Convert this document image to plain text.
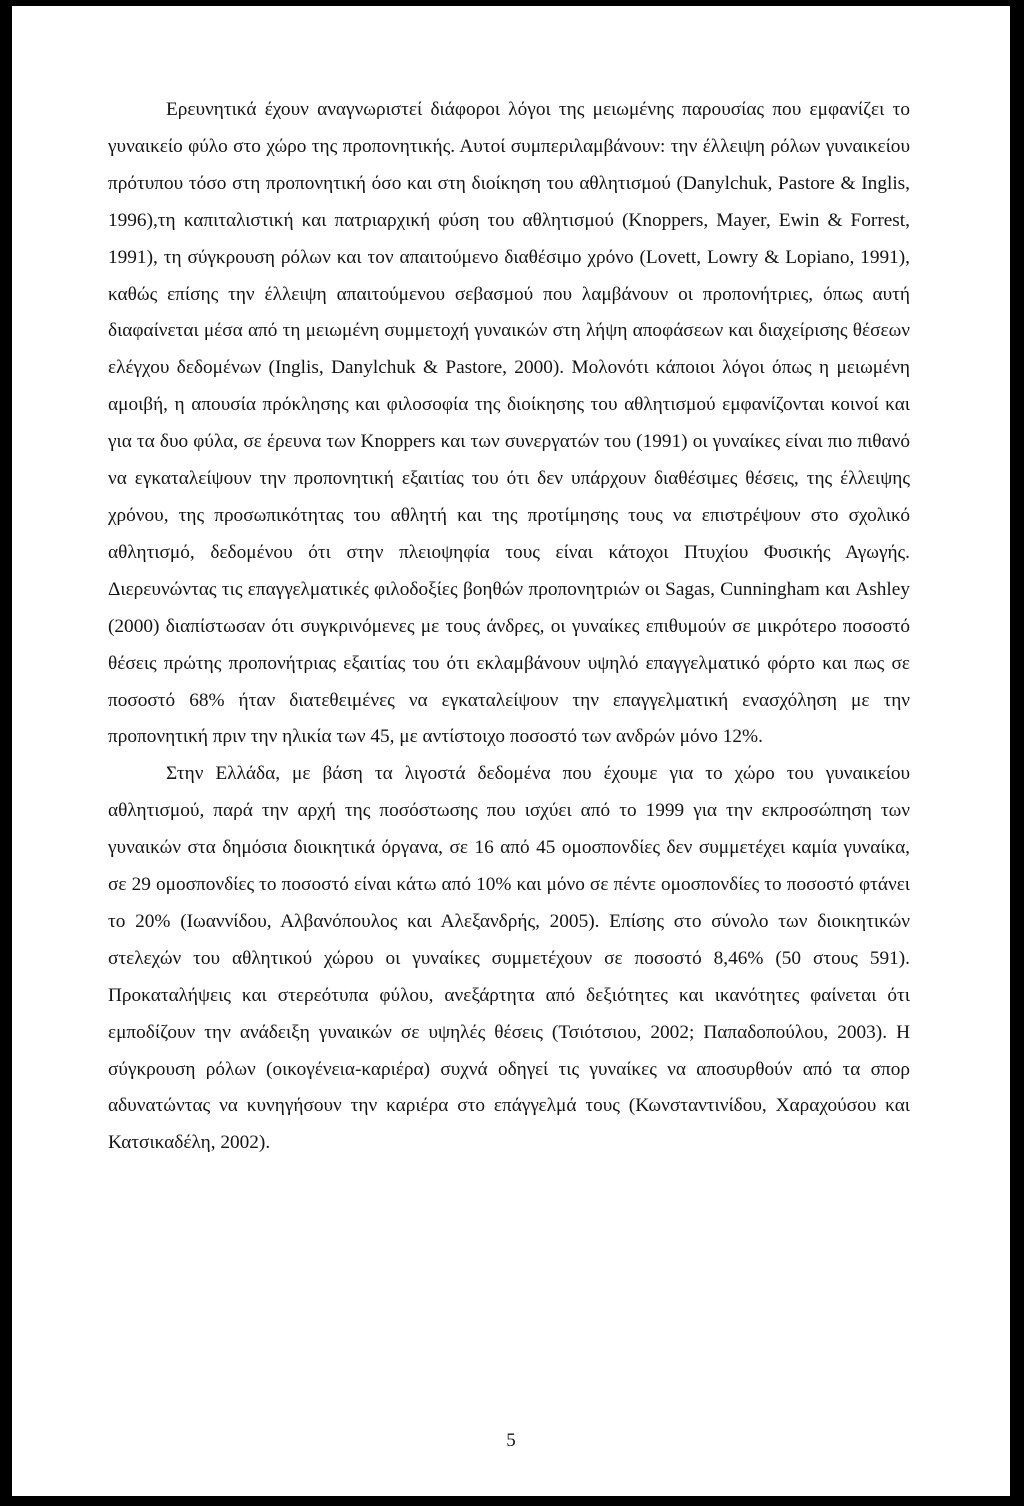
Ερευνητικά έχουν αναγνωριστεί διάφοροι λόγοι της μειωμένης παρουσίας που εμφανίζει το γυναικείο φύλο στο χώρο της προπονητικής. Αυτοί συμπεριλαμβάνουν: την έλλειψη ρόλων γυναικείου πρότυπου τόσο στη προπονητική όσο και στη διοίκηση του αθλητισμού (Danylchuk, Pastore & Inglis, 1996),τη καπιταλιστική και πατριαρχική φύση του αθλητισμού (Knoppers, Mayer, Ewin & Forrest, 1991), τη σύγκρουση ρόλων και τον απαιτούμενο διαθέσιμο χρόνο (Lovett, Lowry & Lopiano, 1991), καθώς επίσης την έλλειψη απαιτούμενου σεβασμού που λαμβάνουν οι προπονήτριες, όπως αυτή διαφαίνεται μέσα από τη μειωμένη συμμετοχή γυναικών στη λήψη αποφάσεων και διαχείρισης θέσεων ελέγχου δεδομένων (Inglis, Danylchuk & Pastore, 2000). Μολονότι κάποιοι λόγοι όπως η μειωμένη αμοιβή, η απουσία πρόκλησης και φιλοσοφία της διοίκησης του αθλητισμού εμφανίζονται κοινοί και για τα δυο φύλα, σε έρευνα των Knoppers και των συνεργατών του (1991) οι γυναίκες είναι πιο πιθανό να εγκαταλείψουν την προπονητική εξαιτίας του ότι δεν υπάρχουν διαθέσιμες θέσεις, της έλλειψης χρόνου, της προσωπικότητας του αθλητή και της προτίμησης τους να επιστρέψουν στο σχολικό αθλητισμό, δεδομένου ότι στην πλειοψηφία τους είναι κάτοχοι Πτυχίου Φυσικής Αγωγής. Διερευνώντας τις επαγγελματικές φιλοδοξίες βοηθών προπονητριών οι Sagas, Cunningham και Ashley (2000) διαπίστωσαν ότι συγκρινόμενες με τους άνδρες, οι γυναίκες επιθυμούν σε μικρότερο ποσοστό θέσεις πρώτης προπονήτριας εξαιτίας του ότι εκλαμβάνουν υψηλό επαγγελματικό φόρτο και πως σε ποσοστό 68% ήταν διατεθειμένες να εγκαταλείψουν την επαγγελματική ενασχόληση με την προπονητική πριν την ηλικία των 45, με αντίστοιχο ποσοστό των ανδρών μόνο 12%.

Στην Ελλάδα, με βάση τα λιγοστά δεδομένα που έχουμε για το χώρο του γυναικείου αθλητισμού, παρά την αρχή της ποσόστωσης που ισχύει από το 1999 για την εκπροσώπηση των γυναικών στα δημόσια διοικητικά όργανα, σε 16 από 45 ομοσπονδίες δεν συμμετέχει καμία γυναίκα, σε 29 ομοσπονδίες το ποσοστό είναι κάτω από 10% και μόνο σε πέντε ομοσπονδίες το ποσοστό φτάνει το 20% (Ιωαννίδου, Αλβανόπουλος και Αλεξανδρής, 2005). Επίσης στο σύνολο των διοικητικών στελεχών του αθλητικού χώρου οι γυναίκες συμμετέχουν σε ποσοστό 8,46% (50 στους 591). Προκαταλήψεις και στερεότυπα φύλου, ανεξάρτητα από δεξιότητες και ικανότητες φαίνεται ότι εμποδίζουν την ανάδειξη γυναικών σε υψηλές θέσεις (Τσιότσιου, 2002; Παπαδοπούλου, 2003). Η σύγκρουση ρόλων (οικογένεια-καριέρα) συχνά οδηγεί τις γυναίκες να αποσυρθούν από τα σπορ αδυνατώντας να κυνηγήσουν την καριέρα στο επάγγελμά τους (Κωνσταντινίδου, Χαραχούσου και Κατσικαδέλη, 2002).

5
